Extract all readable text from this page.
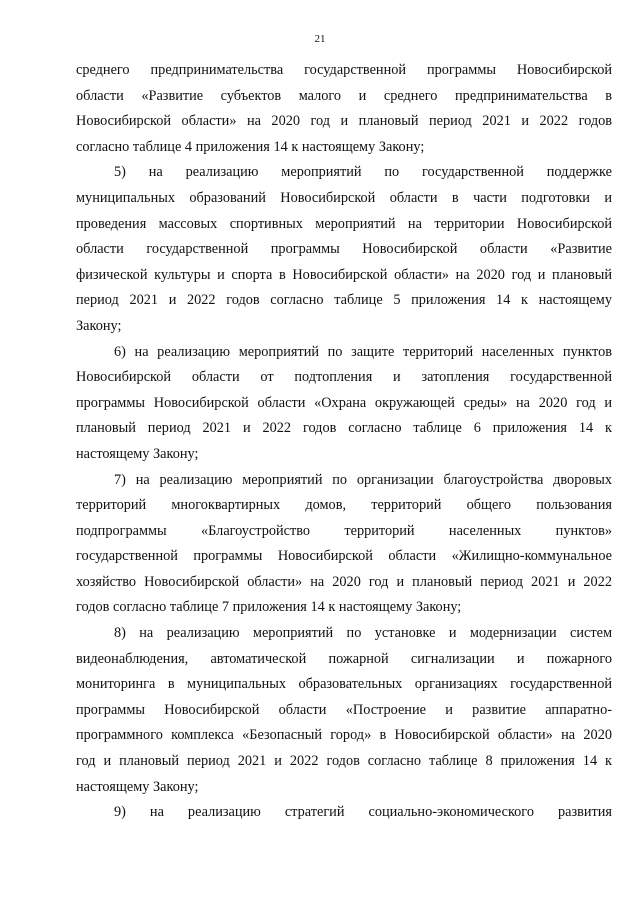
21
среднего предпринимательства государственной программы Новосибирской
области «Развитие субъектов малого и среднего предпринимательства в
Новосибирской области» на 2020 год и плановый период 2021 и 2022 годов
согласно таблице 4 приложения 14 к настоящему Закону;
5) на реализацию мероприятий по государственной поддержке
муниципальных образований Новосибирской области в части подготовки и
проведения массовых спортивных мероприятий на территории Новосибирской
области государственной программы Новосибирской области «Развитие
физической культуры и спорта в Новосибирской области» на 2020 год и плановый
период 2021 и 2022 годов согласно таблице 5 приложения 14 к настоящему
Закону;
6) на реализацию мероприятий по защите территорий населенных пунктов
Новосибирской области от подтопления и затопления государственной
программы Новосибирской области «Охрана окружающей среды» на 2020 год и
плановый период 2021 и 2022 годов согласно таблице 6 приложения 14 к
настоящему Закону;
7) на реализацию мероприятий по организации благоустройства дворовых
территорий многоквартирных домов, территорий общего пользования
подпрограммы «Благоустройство территорий населенных пунктов»
государственной программы Новосибирской области «Жилищно-коммунальное
хозяйство Новосибирской области» на 2020 год и плановый период 2021 и 2022
годов согласно таблице 7 приложения 14 к настоящему Закону;
8) на реализацию мероприятий по установке и модернизации систем
видеонаблюдения, автоматической пожарной сигнализации и пожарного
мониторинга в муниципальных образовательных организациях государственной
программы Новосибирской области «Построение и развитие аппаратно-
программного комплекса «Безопасный город» в Новосибирской области» на 2020
год и плановый период 2021 и 2022 годов согласно таблице 8 приложения 14 к
настоящему Закону;
9) на реализацию стратегий социально-экономического развития
